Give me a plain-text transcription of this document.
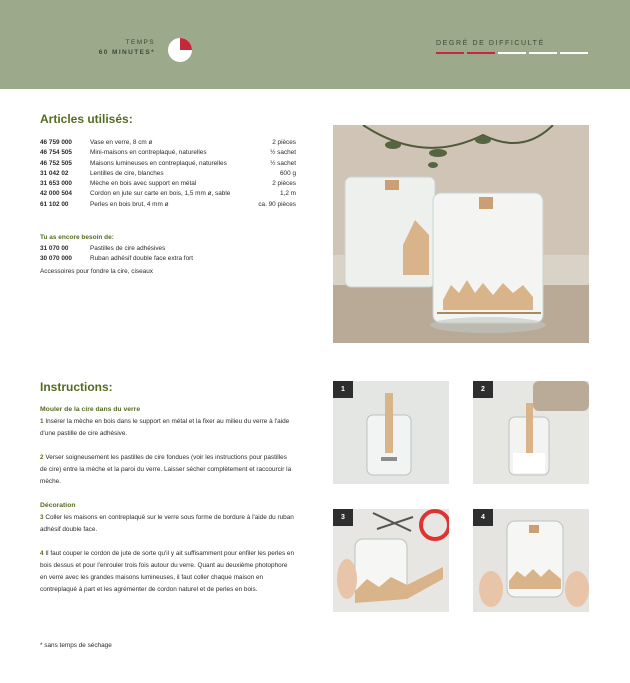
TEMPS
60 MINUTES*
DEGRÉ DE DIFFICULTÉ
Articles utilisés:
46 759 000	Vase en verre, 8 cm ø	2 pièces
46 754 505	Mini-maisons en contreplaqué, naturelles	½ sachet
46 752 505	Maisons lumineuses en contreplaqué, naturelles	½ sachet
31 042 02	Lentilles de cire, blanches	600 g
31 653 000	Mèche en bois avec support en métal	2 pièces
42 000 504	Cordon en jute sur carte en bois, 1,5 mm ø, sable	1,2 m
61 102 00	Perles en bois brut, 4 mm ø	ca. 90 pièces
Tu as encore besoin de:
31 070 00	Pastilles de cire adhésives
30 070 000	Ruban adhésif double face extra fort
Accessoires pour fondre la cire, ciseaux
Instructions:
Mouler de la cire dans du verre

1 Insérer la mèche en bois dans le support en métal et la fixer au milieu du verre à l'aide d'une pastille de cire adhésive.

2 Verser soigneusement les pastilles de cire fondues (voir les instructions pour pastilles de cire) entre la mèche et la paroi du verre. Laisser sécher complètement et raccourcir la mèche.

Décoration

3 Coller les maisons en contreplaqué sur le verre sous forme de bordure à l'aide du ruban adhésif double face.

4 Il faut couper le cordon de jute de sorte qu'il y ait suffisamment pour enfiler les perles en bois dessus et pour l'enrouler trois fois autour du verre. Quant au deuxième photophore en verre avec les grandes maisons lumineuses, il faut coller chaque maison en contreplaqué à part et les agrémenter de cordon naturel et de perles en bois.

* sans temps de séchage
1	2
3	4
